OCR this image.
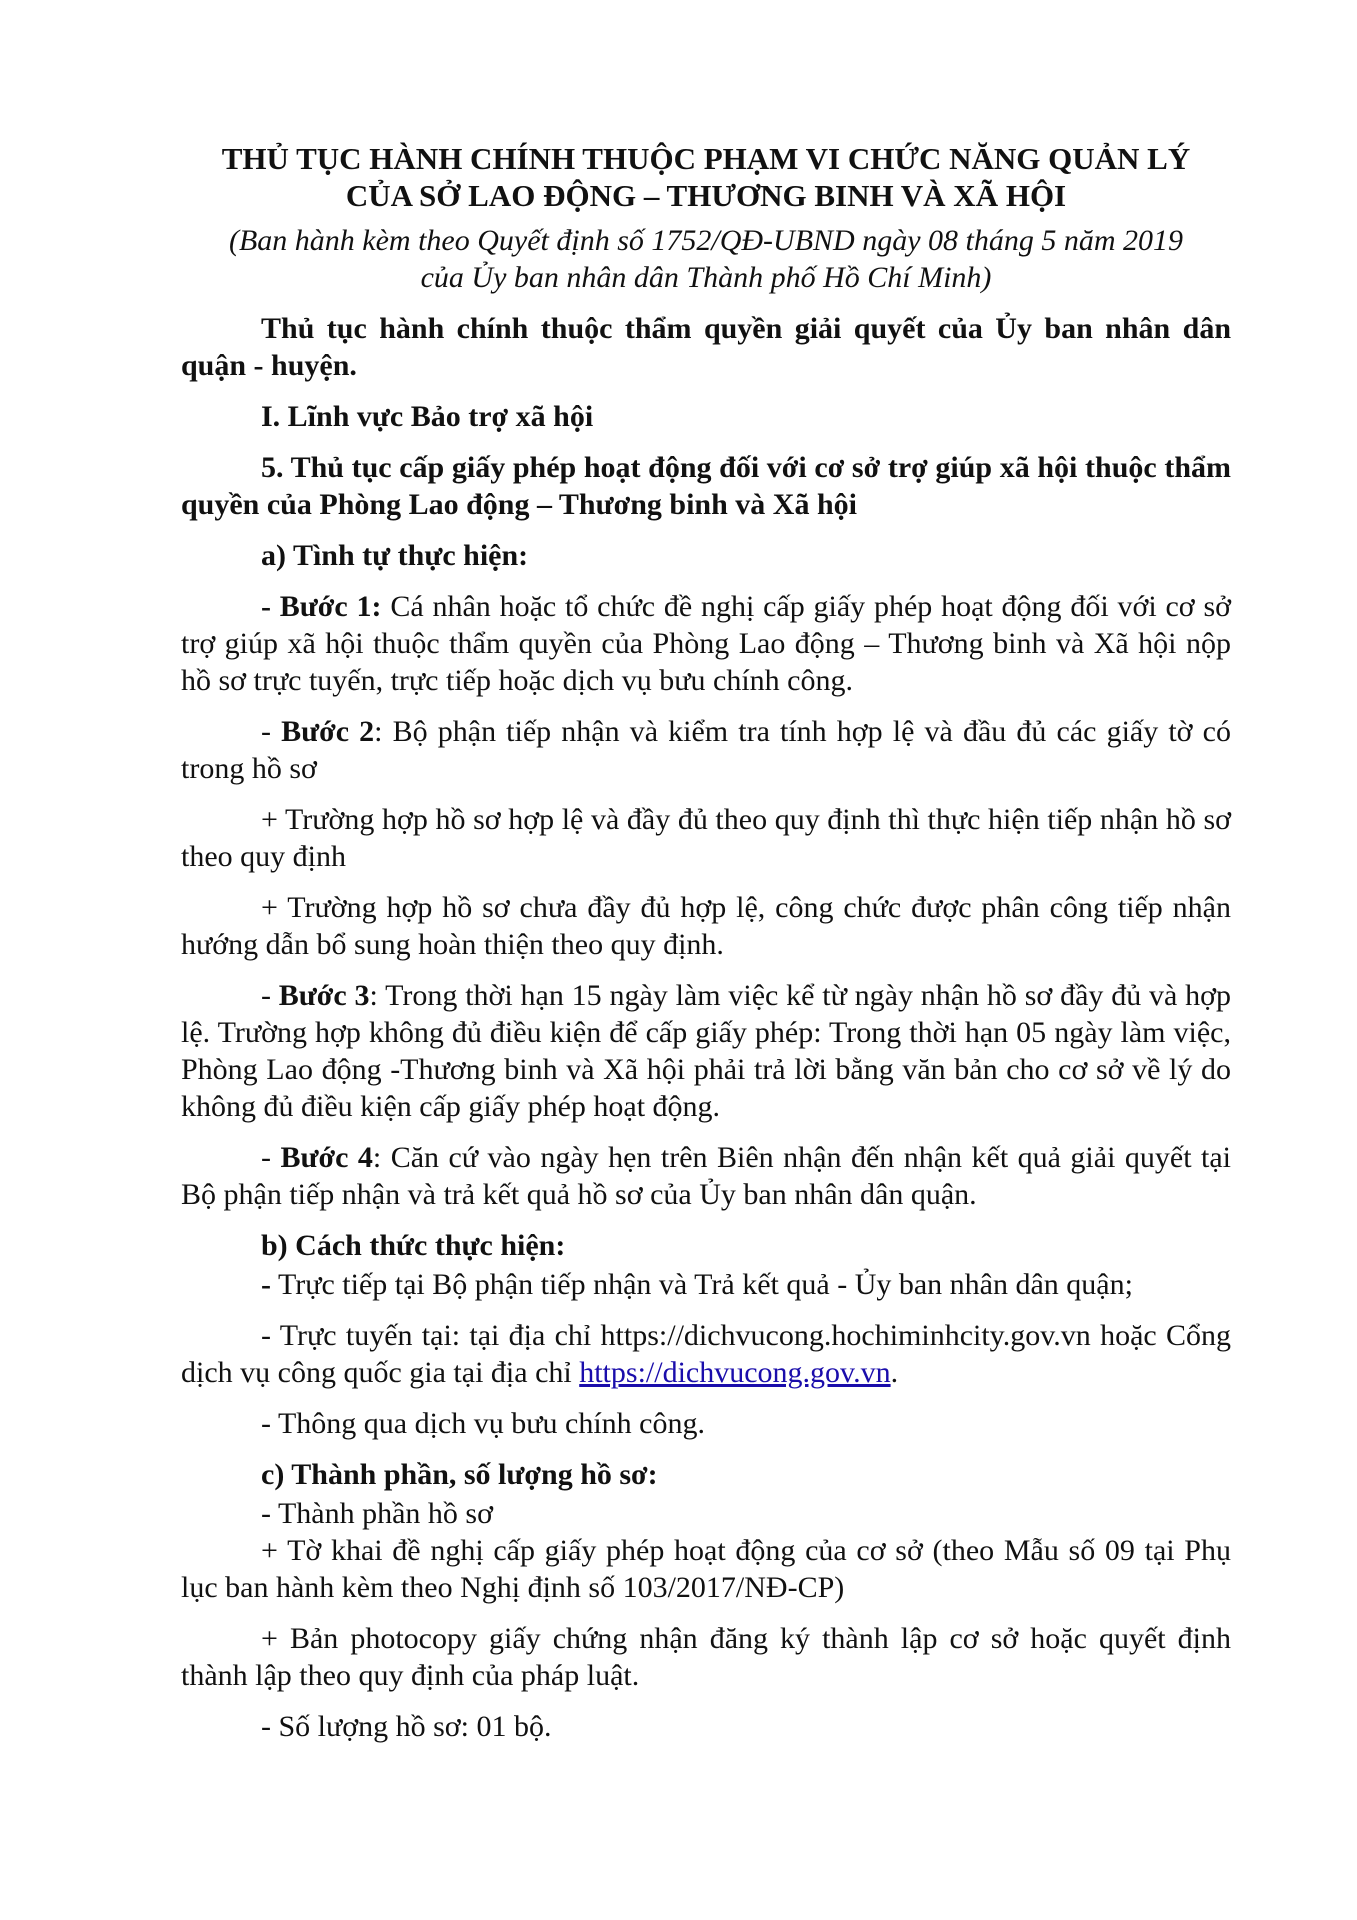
THỦ TỤC HÀNH CHÍNH THUỘC PHẠM VI CHỨC NĂNG QUẢN LÝ
CỦA SỞ LAO ĐỘNG – THƯƠNG BINH VÀ XÃ HỘI
(Ban hành kèm theo Quyết định số 1752/QĐ-UBND ngày 08 tháng 5 năm 2019
của Ủy ban nhân dân Thành phố Hồ Chí Minh)

Thủ tục hành chính thuộc thẩm quyền giải quyết của Ủy ban nhân dân quận - huyện.

I. Lĩnh vực Bảo trợ xã hội

5. Thủ tục cấp giấy phép hoạt động đối với cơ sở trợ giúp xã hội thuộc thẩm quyền của Phòng Lao động – Thương binh và Xã hội

a) Tình tự thực hiện:

- Bước 1: Cá nhân hoặc tổ chức đề nghị cấp giấy phép hoạt động đối với cơ sở trợ giúp xã hội thuộc thẩm quyền của Phòng Lao động – Thương binh và Xã hội nộp hồ sơ trực tuyến, trực tiếp hoặc dịch vụ bưu chính công.

- Bước 2: Bộ phận tiếp nhận và kiểm tra tính hợp lệ và đầu đủ các giấy tờ có trong hồ sơ

+ Trường hợp hồ sơ hợp lệ và đầy đủ theo quy định thì thực hiện tiếp nhận hồ sơ theo quy định

+ Trường hợp hồ sơ chưa đầy đủ hợp lệ, công chức được phân công tiếp nhận hướng dẫn bổ sung hoàn thiện theo quy định.

- Bước 3: Trong thời hạn 15 ngày làm việc kể từ ngày nhận hồ sơ đầy đủ và hợp lệ. Trường hợp không đủ điều kiện để cấp giấy phép: Trong thời hạn 05 ngày làm việc, Phòng Lao động -Thương binh và Xã hội phải trả lời bằng văn bản cho cơ sở về lý do không đủ điều kiện cấp giấy phép hoạt động.

- Bước 4: Căn cứ vào ngày hẹn trên Biên nhận đến nhận kết quả giải quyết tại Bộ phận tiếp nhận và trả kết quả hồ sơ của Ủy ban nhân dân quận.

b) Cách thức thực hiện:

- Trực tiếp tại Bộ phận tiếp nhận và Trả kết quả - Ủy ban nhân dân quận;

- Trực tuyến tại: tại địa chỉ https://dichvucong.hochiminhcity.gov.vn hoặc Cổng dịch vụ công quốc gia tại địa chỉ https://dichvucong.gov.vn.

- Thông qua dịch vụ bưu chính công.

c) Thành phần, số lượng hồ sơ:

- Thành phần hồ sơ

+ Tờ khai đề nghị cấp giấy phép hoạt động của cơ sở (theo Mẫu số 09 tại Phụ lục ban hành kèm theo Nghị định số 103/2017/NĐ-CP)

+ Bản photocopy giấy chứng nhận đăng ký thành lập cơ sở hoặc quyết định thành lập theo quy định của pháp luật.

- Số lượng hồ sơ: 01 bộ.
